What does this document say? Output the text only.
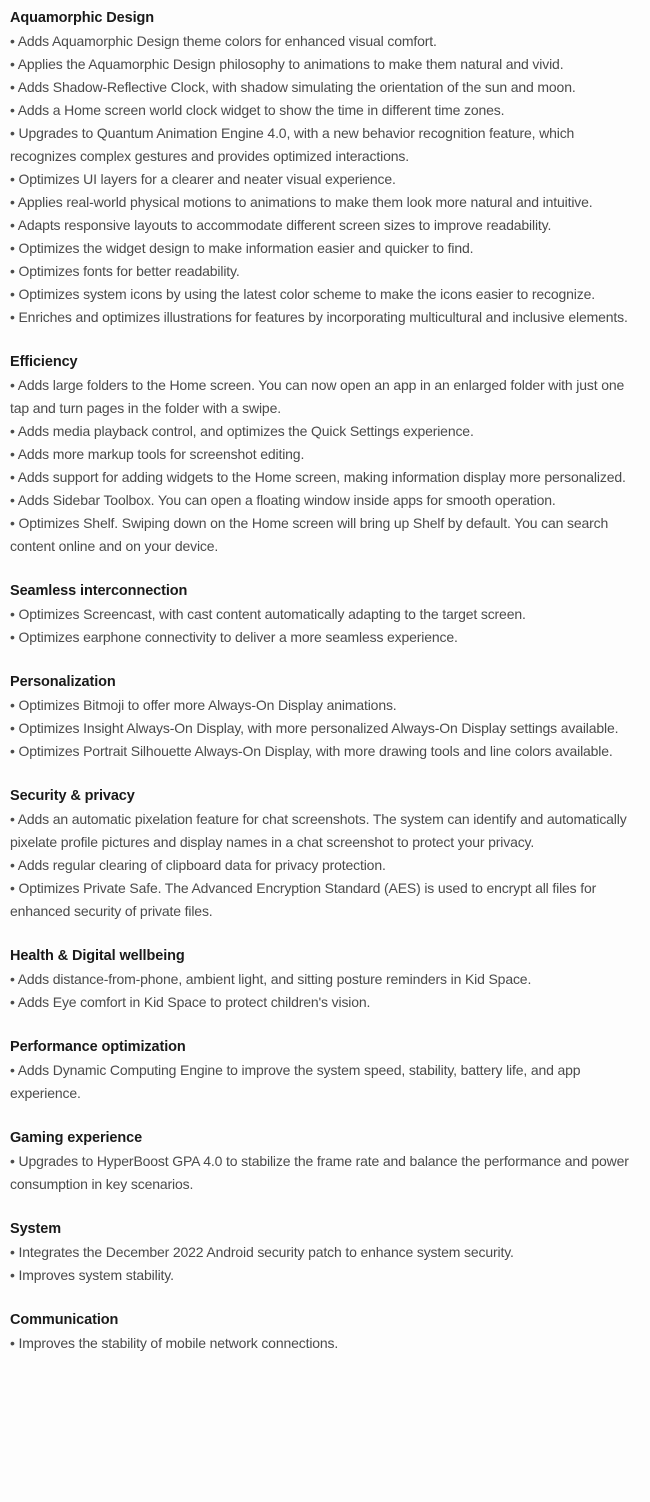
Aquamorphic Design

• Adds Aquamorphic Design theme colors for enhanced visual comfort.

• Applies the Aquamorphic Design philosophy to animations to make them natural and vivid.

• Adds Shadow-Reflective Clock, with shadow simulating the orientation of the sun and moon.

• Adds a Home screen world clock widget to show the time in different time zones.

• Upgrades to Quantum Animation Engine 4.0, with a new behavior recognition feature, which recognizes complex gestures and provides optimized interactions.

• Optimizes UI layers for a clearer and neater visual experience.

• Applies real-world physical motions to animations to make them look more natural and intuitive.

• Adapts responsive layouts to accommodate different screen sizes to improve readability.

• Optimizes the widget design to make information easier and quicker to find.

• Optimizes fonts for better readability.

• Optimizes system icons by using the latest color scheme to make the icons easier to recognize.

• Enriches and optimizes illustrations for features by incorporating multicultural and inclusive elements.

Efficiency

• Adds large folders to the Home screen. You can now open an app in an enlarged folder with just one tap and turn pages in the folder with a swipe.

• Adds media playback control, and optimizes the Quick Settings experience.

• Adds more markup tools for screenshot editing.

• Adds support for adding widgets to the Home screen, making information display more personalized.

• Adds Sidebar Toolbox. You can open a floating window inside apps for smooth operation.

• Optimizes Shelf. Swiping down on the Home screen will bring up Shelf by default. You can search content online and on your device.

Seamless interconnection

• Optimizes Screencast, with cast content automatically adapting to the target screen.

• Optimizes earphone connectivity to deliver a more seamless experience.

Personalization

• Optimizes Bitmoji to offer more Always-On Display animations.

• Optimizes Insight Always-On Display, with more personalized Always-On Display settings available.

• Optimizes Portrait Silhouette Always-On Display, with more drawing tools and line colors available.

Security & privacy

• Adds an automatic pixelation feature for chat screenshots. The system can identify and automatically pixelate profile pictures and display names in a chat screenshot to protect your privacy.

• Adds regular clearing of clipboard data for privacy protection.

• Optimizes Private Safe. The Advanced Encryption Standard (AES) is used to encrypt all files for enhanced security of private files.

Health & Digital wellbeing

• Adds distance-from-phone, ambient light, and sitting posture reminders in Kid Space.

• Adds Eye comfort in Kid Space to protect children's vision.

Performance optimization

• Adds Dynamic Computing Engine to improve the system speed, stability, battery life, and app experience.

Gaming experience

• Upgrades to HyperBoost GPA 4.0 to stabilize the frame rate and balance the performance and power consumption in key scenarios.

System

• Integrates the December 2022 Android security patch to enhance system security.

• Improves system stability.

Communication

• Improves the stability of mobile network connections.
